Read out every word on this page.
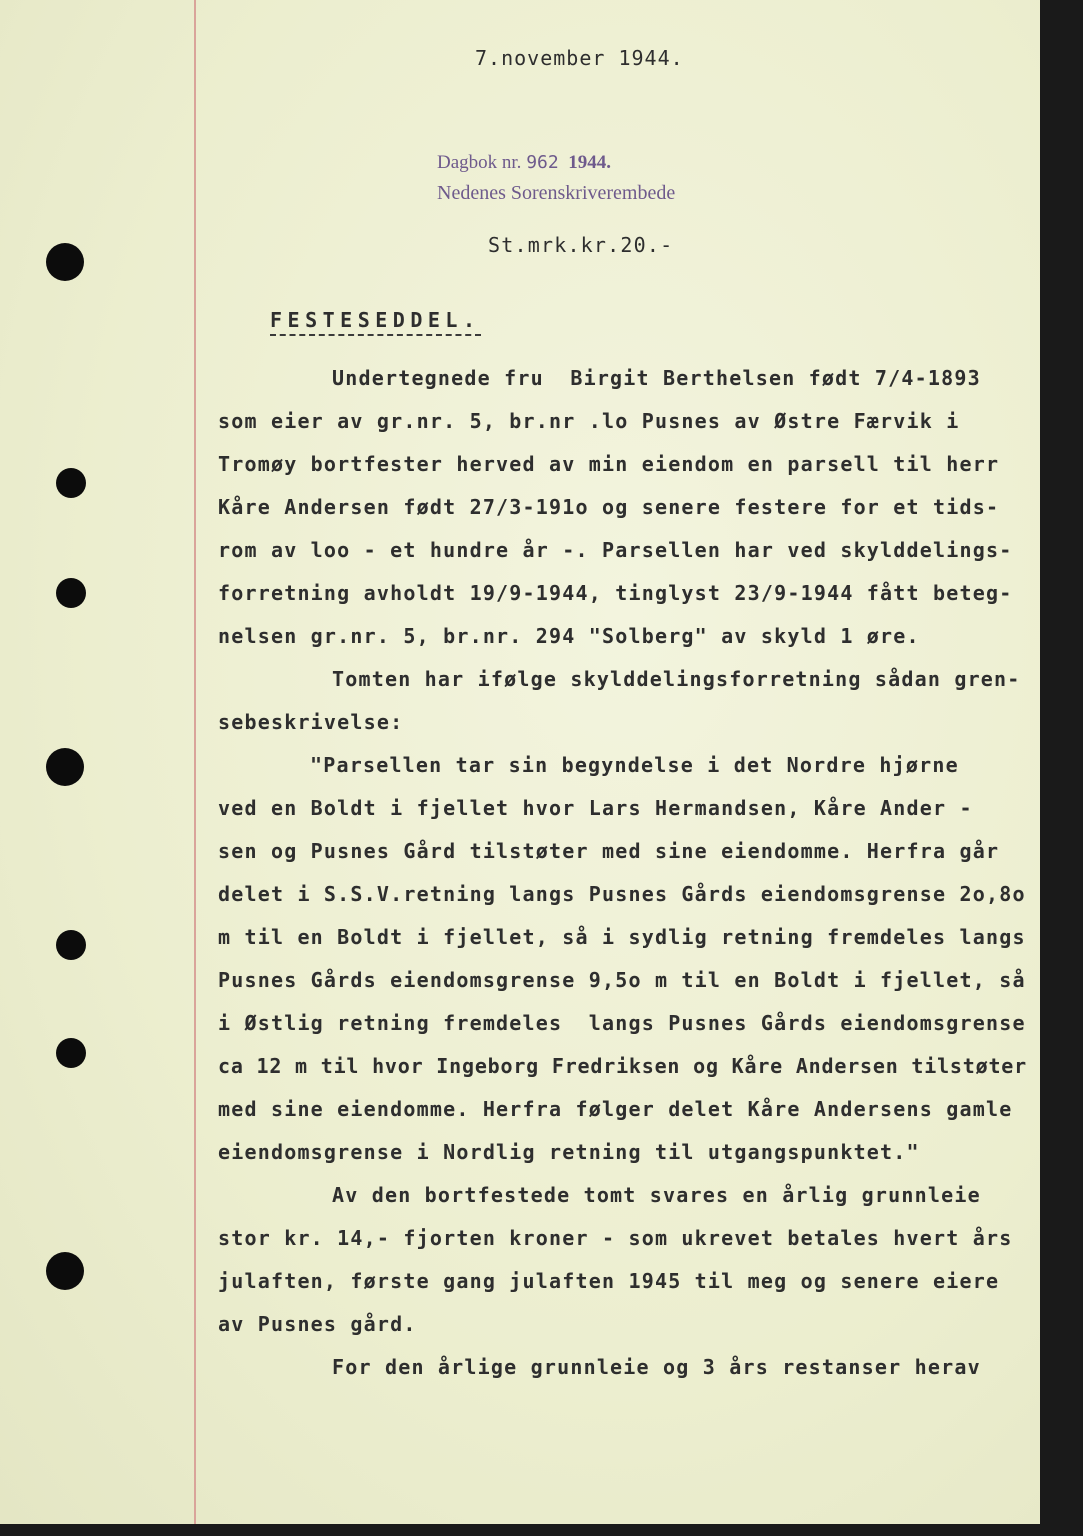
7.november 1944.
Dagbok nr. 962 1944.
Nedenes Sorenskriverembede
St.mrk.kr.20.-
FESTESEDDEL.
Undertegnede fru  Birgit Berthelsen født 7/4-1893
som eier av gr.nr. 5, br.nr .lo Pusnes av Østre Færvik i
Tromøy bortfester herved av min eiendom en parsell til herr
Kåre Andersen født 27/3-191o og senere festere for et tids-
rom av loo - et hundre år -. Parsellen har ved skylddelings-
forretning avholdt 19/9-1944, tinglyst 23/9-1944 fått beteg-
nelsen gr.nr. 5, br.nr. 294 "Solberg" av skyld 1 øre.
Tomten har ifølge skylddelingsforretning sådan gren-
sebeskrivelse:
"Parsellen tar sin begyndelse i det Nordre hjørne
ved en Boldt i fjellet hvor Lars Hermandsen, Kåre Ander -
sen og Pusnes Gård tilstøter med sine eiendomme. Herfra går
delet i S.S.V.retning langs Pusnes Gårds eiendomsgrense 2o,8o
m til en Boldt i fjellet, så i sydlig retning fremdeles langs
Pusnes Gårds eiendomsgrense 9,5o m til en Boldt i fjellet, så
i Østlig retning fremdeles  langs Pusnes Gårds eiendomsgrense
ca 12 m til hvor Ingeborg Fredriksen og Kåre Andersen tilstøter
med sine eiendomme. Herfra følger delet Kåre Andersens gamle
eiendomsgrense i Nordlig retning til utgangspunktet."
Av den bortfestede tomt svares en årlig grunnleie
stor kr. 14,- fjorten kroner - som ukrevet betales hvert års
julaften, første gang julaften 1945 til meg og senere eiere
av Pusnes gård.
For den årlige grunnleie og 3 års restanser herav
